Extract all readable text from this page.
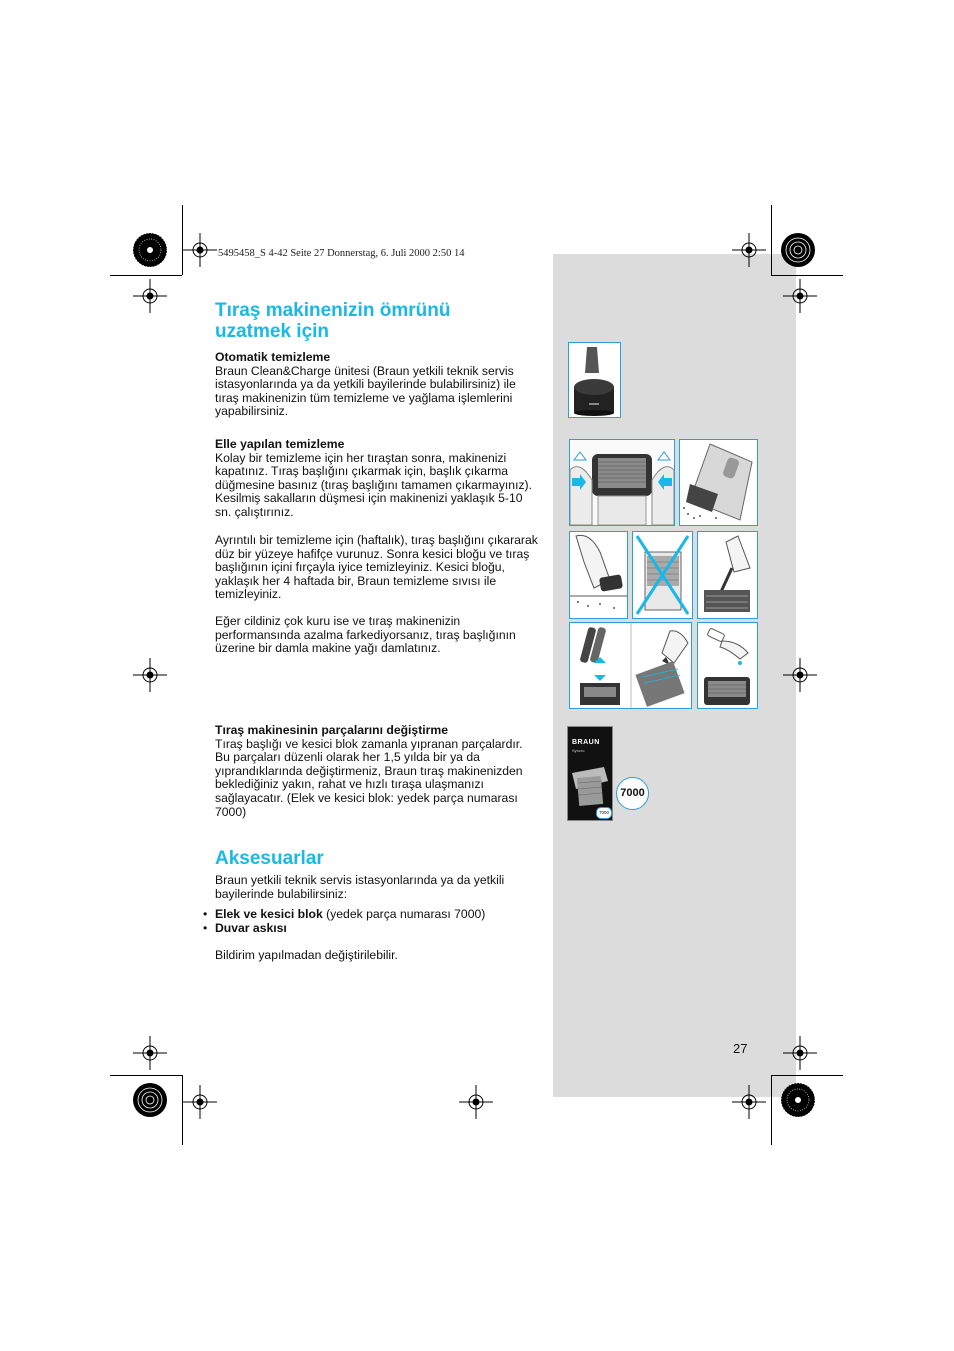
5495458_S 4-42 Seite 27 Donnerstag, 6. Juli 2000 2:50 14
Tıraş makinenizin ömrünü
uzatmek için
Otomatik temizleme

Braun Clean&Charge ünitesi (Braun yetkili teknik servis istasyonlarında ya da yetkili bayilerinde bulabilirsiniz) ile tıraş makinenizin tüm temizleme ve yağlama işlemlerini yapabilirsiniz.

Elle yapılan temizleme

Kolay bir temizleme için her tıraştan sonra, makinenizi kapatınız. Tıraş başlığını çıkarmak için, başlık çıkarma düğmesine basınız (tıraş başlığını tamamen çıkarmayınız). Kesilmiş sakalların düşmesi için makinenizi yaklaşık 5-10 sn. çalıştırınız.

Ayrıntılı bir temizleme için (haftalık), tıraş başlığını çıkararak düz bir yüzeye hafifçe vurunuz. Sonra kesici bloğu ve tıraş başlığının içini fırçayla iyice temizleyiniz. Kesici bloğu, yaklaşık her 4 haftada bir, Braun temizleme sıvısı ile temizleyiniz.

Eğer cildiniz çok kuru ise ve tıraş makinenizin performansında azalma farkediyorsanız, tıraş başlığının üzerine bir damla makine yağı damlatınız.

Tıraş makinesinin parçalarını değiştirme

Tıraş başlığı ve kesici blok zamanla yıpranan parçalardır. Bu parçaları düzenli olarak her 1,5 yılda bir ya da yıprandıklarında değiştirmeniz, Braun tıraş makinenizden beklediğiniz yakın, rahat ve hızlı tıraşa ulaşmanızı sağlayacatır. (Elek ve kesici blok: yedek parça numarası 7000)

Aksesuarlar
Braun yetkili teknik servis istasyonlarında ya da yetkili bayilerinde bulabilirsiniz:
• Elek ve kesici blok (yedek parça numarası 7000)
• Duvar askısı
Bildirim yapılmadan değiştirilebilir.
27
BRAUN
Syncro
7000
7000
